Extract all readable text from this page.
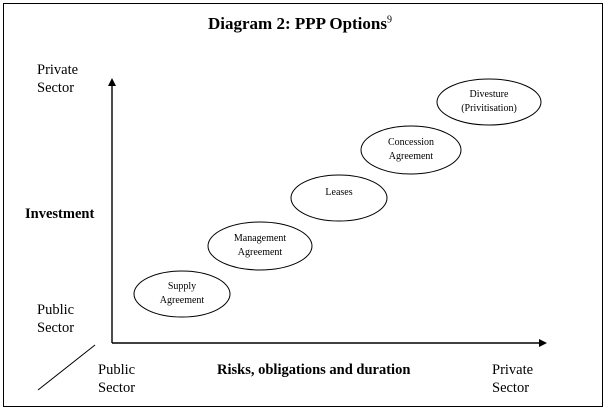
Diagram 2: PPP Options$^9$
Supply
Agreement
Management
Agreement
Leases
Concession
Agreement
Divesture
(Privitisation)
Private
Sector
Investment
Public
Sector
Public
Sector
Risks, obligations and duration	Private
Sector
